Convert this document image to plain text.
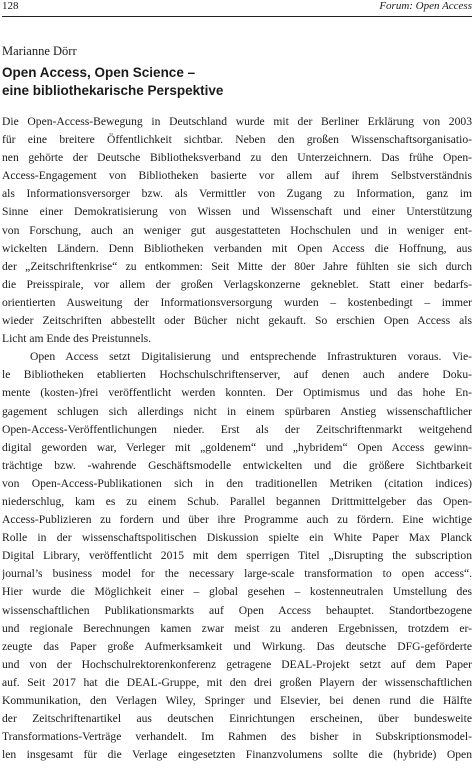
128	Forum: Open Access
Marianne Dörr
Open Access, Open Science –
eine bibliothekarische Perspektive
Die Open-Access-Bewegung in Deutschland wurde mit der Berliner Erklärung von 2003
für eine breitere Öffentlichkeit sichtbar. Neben den großen Wissenschaftsorganisatio-
nen gehörte der Deutsche Bibliotheksverband zu den Unterzeichnern. Das frühe Open-
Access-Engagement von Bibliotheken basierte vor allem auf ihrem Selbstverständnis
als Informationsversorger bzw. als Vermittler von Zugang zu Information, ganz im
Sinne einer Demokratisierung von Wissen und Wissenschaft und einer Unterstützung
von Forschung, auch an weniger gut ausgestatteten Hochschulen und in weniger ent-
wickelten Ländern. Denn Bibliotheken verbanden mit Open Access die Hoffnung, aus
der „Zeitschriftenkrise“ zu entkommen: Seit Mitte der 80er Jahre fühlten sie sich durch
die Preisspirale, vor allem der großen Verlagskonzerne gekneblet. Statt einer bedarfs-
orientierten Ausweitung der Informationsversorgung wurden – kostenbedingt – immer
wieder Zeitschriften abbestellt oder Bücher nicht gekauft. So erschien Open Access als
Licht am Ende des Preistunnels.
Open Access setzt Digitalisierung und entsprechende Infrastrukturen voraus. Vie-
le Bibliotheken etablierten Hochschulschriftenserver, auf denen auch andere Doku-
mente (kosten-)frei veröffentlicht werden konnten. Der Optimismus und das hohe En-
gagement schlugen sich allerdings nicht in einem spürbaren Anstieg wissenschaftlicher
Open-Access-Veröffentlichungen nieder. Erst als der Zeitschriftenmarkt weitgehend
digital geworden war, Verleger mit „goldenem“ und „hybridem“ Open Access gewinn-
trächtige bzw. -wahrende Geschäftsmodelle entwickelten und die größere Sichtbarkeit
von Open-Access-Publikationen sich in den traditionellen Metriken (citation indices)
niederschlug, kam es zu einem Schub. Parallel begannen Drittmittelgeber das Open-
Access-Publizieren zu fordern und über ihre Programme auch zu fördern. Eine wichtige
Rolle in der wissenschaftspolitischen Diskussion spielte ein White Paper Max Planck
Digital Library, veröffentlicht 2015 mit dem sperrigen Titel „Disrupting the subscription
journal’s business model for the necessary large-scale transformation to open access“.
Hier wurde die Möglichkeit einer – global gesehen – kostenneutralen Umstellung des
wissenschaftlichen Publikationsmarkts auf Open Access behauptet. Standortbezogene
und regionale Berechnungen kamen zwar meist zu anderen Ergebnissen, trotzdem er-
zeugte das Paper große Aufmerksamkeit und Wirkung. Das deutsche DFG-geförderte
und von der Hochschulrektorenkonferenz getragene DEAL-Projekt setzt auf dem Paper
auf. Seit 2017 hat die DEAL-Gruppe, mit den drei großen Playern der wissenschaftlichen
Kommunikation, den Verlagen Wiley, Springer und Elsevier, bei denen rund die Hälfte
der Zeitschriftenartikel aus deutschen Einrichtungen erscheinen, über bundesweite
Transformations-Verträge verhandelt. Im Rahmen des bisher in Subskriptionsmodel-
len insgesamt für die Verlage eingesetzten Finanzvolumens sollte die (hybride) Open
